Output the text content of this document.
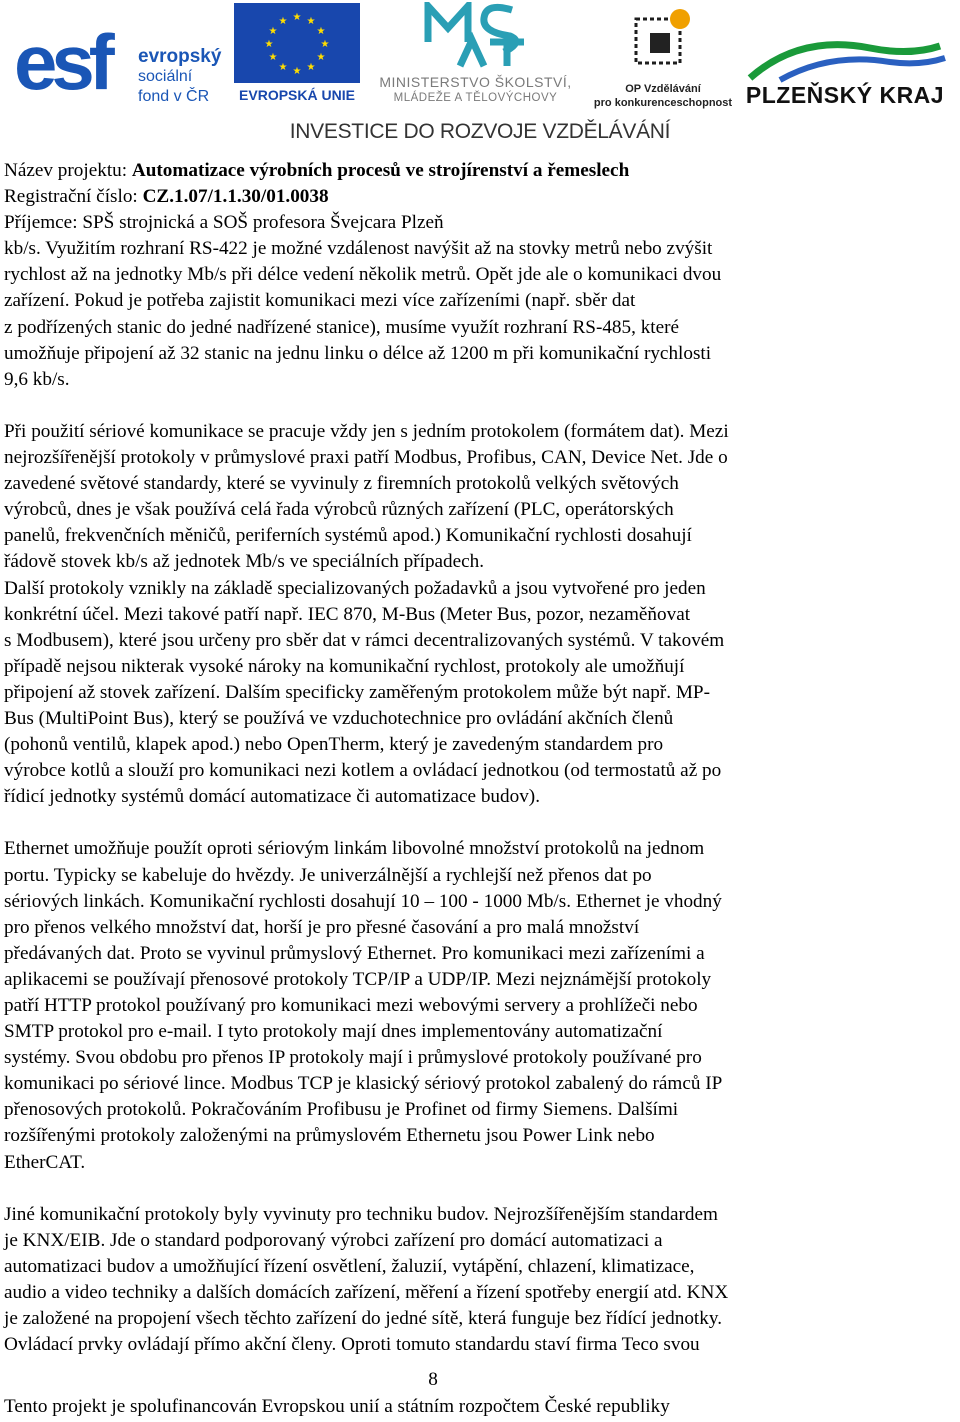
esf evropský
sociální
fond v ČR
★ ★
★
★
★
★
★
★
★
★
★
★
EVROPSKÁ UNIE
MINISTERSTVO ŠKOLSTVÍ,
MLÁDEŽE A TĚLOVÝCHOVY
OP Vzdělávání
pro konkurenceschopnost PLZEŇSKÝ KRAJ
INVESTICE DO ROZVOJE VZDĚLÁVÁNÍ

Název projektu: Automatizace výrobních procesů ve strojírenství a řemeslech

Registrační číslo: CZ.1.07/1.1.30/01.0038

Příjemce: SPŠ strojnická a SOŠ profesora Švejcara Plzeň

kb/s. Využitím rozhraní RS-422 je možné vzdálenost navýšit až na stovky metrů nebo zvýšit

rychlost až na jednotky Mb/s při délce vedení několik metrů. Opět jde ale o komunikaci dvou

zařízení. Pokud je potřeba zajistit komunikaci mezi více zařízeními (např. sběr dat

z podřízených stanic do jedné nadřízené stanice), musíme využít rozhraní RS-485, které

umožňuje připojení až 32 stanic na jednu linku o délce až 1200 m při komunikační rychlosti

9,6 kb/s.

Při použití sériové komunikace se pracuje vždy jen s jedním protokolem (formátem dat). Mezi

nejrozšířenější protokoly v průmyslové praxi patří Modbus, Profibus, CAN, Device Net. Jde o

zavedené světové standardy, které se vyvinuly z firemních protokolů velkých světových

výrobců, dnes je však používá celá řada výrobců různých zařízení (PLC, operátorských

panelů, frekvenčních měničů, periferních systémů apod.) Komunikační rychlosti dosahují

řádově stovek kb/s až jednotek Mb/s ve speciálních případech.

Další protokoly vznikly na základě specializovaných požadavků a jsou vytvořené pro jeden

konkrétní účel. Mezi takové patří např. IEC 870, M-Bus (Meter Bus, pozor, nezaměňovat

s Modbusem), které jsou určeny pro sběr dat v rámci decentralizovaných systémů. V takovém

případě nejsou nikterak vysoké nároky na komunikační rychlost, protokoly ale umožňují

připojení až stovek zařízení. Dalším specificky zaměřeným protokolem může být např. MP-

Bus (MultiPoint Bus), který se používá ve vzduchotechnice pro ovládání akčních členů

(pohonů ventilů, klapek apod.) nebo OpenTherm, který je zavedeným standardem pro

výrobce kotlů a slouží pro komunikaci nezi kotlem a ovládací jednotkou (od termostatů až po

řídicí jednotky systémů domácí automatizace či automatizace budov).

Ethernet umožňuje použít oproti sériovým linkám libovolné množství protokolů na jednom

portu. Typicky se kabeluje do hvězdy. Je univerzálnější a rychlejší než přenos dat po

sériových linkách. Komunikační rychlosti dosahují 10 – 100 - 1000 Mb/s. Ethernet je vhodný

pro přenos velkého množství dat, horší je pro přesné časování a pro malá množství

předávaných dat. Proto se vyvinul průmyslový Ethernet. Pro komunikaci mezi zařízeními a

aplikacemi se používají přenosové protokoly TCP/IP a UDP/IP. Mezi nejznámější protokoly

patří HTTP protokol používaný pro komunikaci mezi webovými servery a prohlížeči nebo

SMTP protokol pro e-mail. I tyto protokoly mají dnes implementovány automatizační

systémy. Svou obdobu pro přenos IP protokoly mají i průmyslové protokoly používané pro

komunikaci po sériové lince. Modbus TCP je klasický sériový protokol zabalený do rámců IP

přenosových protokolů. Pokračováním Profibusu je Profinet od firmy Siemens. Dalšími

rozšířenými protokoly založenými na průmyslovém Ethernetu jsou Power Link nebo

EtherCAT.

Jiné komunikační protokoly byly vyvinuty pro techniku budov. Nejrozšířenějším standardem

je KNX/EIB. Jde o standard podporovaný výrobci zařízení pro domácí automatizaci a

automatizaci budov a umožňující řízení osvětlení, žaluzií, vytápění, chlazení, klimatizace,

audio a video techniky a dalších domácích zařízení, měření a řízení spotřeby energií atd. KNX

je založené na propojení všech těchto zařízení do jedné sítě, která funguje bez řídící jednotky.

Ovládací prvky ovládají přímo akční členy. Oproti tomuto standardu staví firma Teco svou

8
Tento projekt je spolufinancován Evropskou unií a státním rozpočtem České republiky
